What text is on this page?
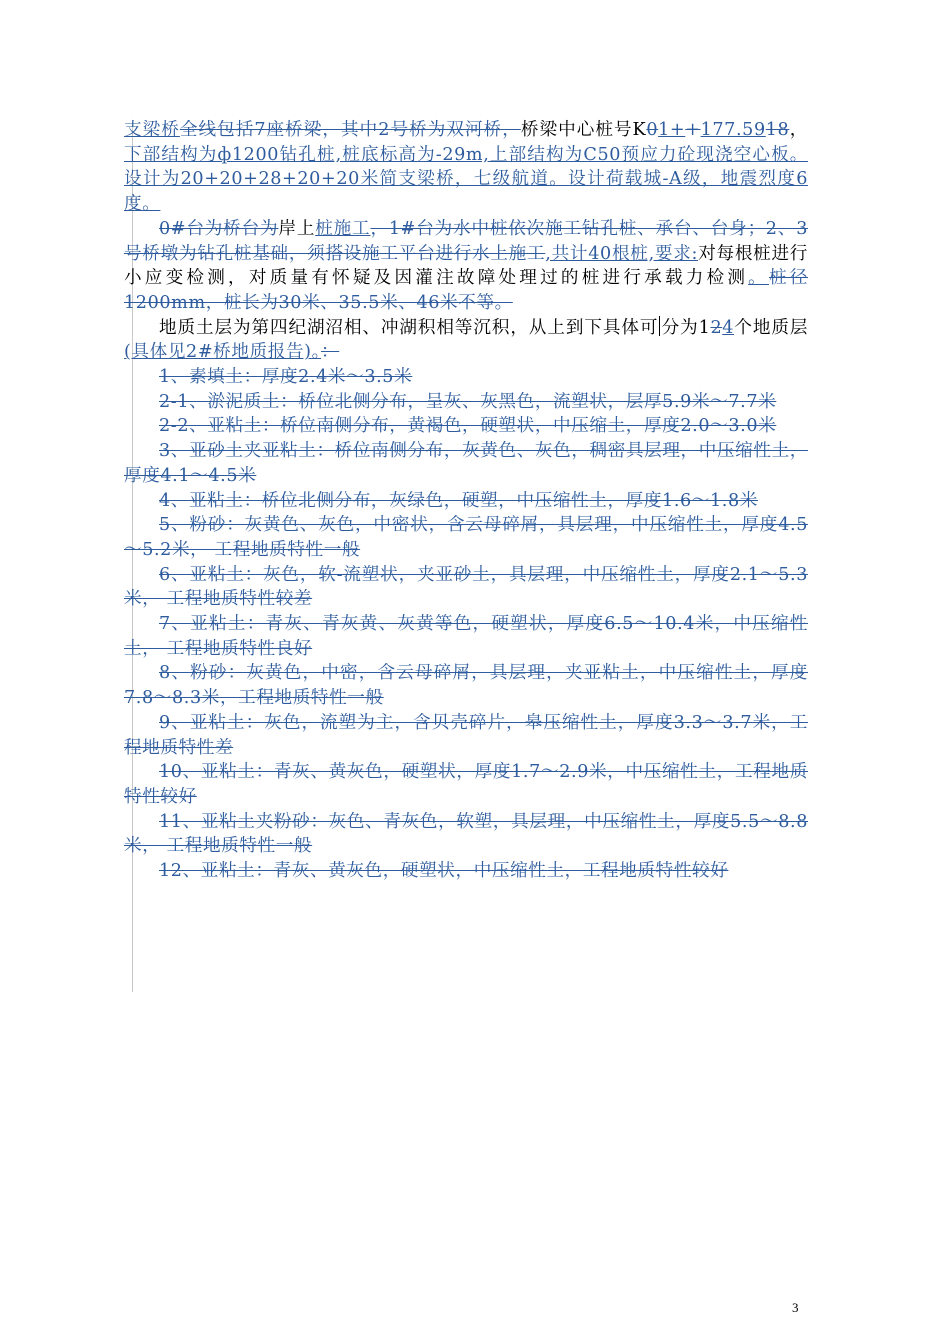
支梁桥全线包括7座桥梁，其中2号桥为双河桥，桥梁中心桩号K01++177.5918，下部结构为ф1200钻孔桩,桩底标高为-29m,上部结构为C50预应力砼现浇空心板。设计为20+20+28+20+20米简支梁桥，七级航道。设计荷载城-A级，地震烈度6度。

0#台为桥台为岸上桩施工，1#台为水中桩依次施工钻孔桩、承台、台身；2、3号桥墩为钻孔桩基础，须搭设施工平台进行水上施工,共计40根桩,要求:对每根桩进行小应变检测，对质量有怀疑及因灌注故障处理过的桩进行承载力检测。桩径1200mm，桩长为30米、35.5米、46米不等。

地质土层为第四纪湖沼相、冲湖积相等沉积，从上到下具体可 分为124个地质层(具体见2#桥地质报告)。：

1、素填土：厚度2.4米～3.5米

2-1、淤泥质土：桥位北侧分布，呈灰、灰黑色，流塑状，层厚5.9米～7.7米

2-2、亚粘土：桥位南侧分布，黄褐色，硬塑状，中压缩土，厚度2.0～3.0米

3、亚砂土夹亚粘土：桥位南侧分布，灰黄色、灰色，稠密具层理，中压缩性土，厚度4.1～4.5米

4、亚粘土：桥位北侧分布，灰绿色，硬塑，中压缩性土，厚度1.6～1.8米

5、粉砂：灰黄色、灰色，中密状，含云母碎屑，具层理，中压缩性土，厚度4.5～5.2米， 工程地质特性一般

6、亚粘土：灰色，软-流塑状，夹亚砂土，具层理，中压缩性土，厚度2.1～5.3米， 工程地质特性较差

7、亚粘土：青灰、青灰黄、灰黄等色，硬塑状，厚度6.5～10.4米，中压缩性土， 工程地质特性良好

8、粉砂：灰黄色，中密，含云母碎屑，具层理，夹亚粘土，中压缩性土，厚度7.8～8.3米，工程地质特性一般

9、亚粘土：灰色，流塑为主，含贝壳碎片，皋压缩性土，厚度3.3～3.7米，工程地质特性差

10、亚粘土：青灰、黄灰色，硬塑状，厚度1.7～2.9米，中压缩性土，工程地质特性较好

11、亚粘土夹粉砂：灰色、青灰色，软塑，具层理，中压缩性土，厚度5.5～8.8米， 工程地质特性一般

12、亚粘土：青灰、黄灰色，硬塑状，中压缩性土，工程地质特性较好

3
